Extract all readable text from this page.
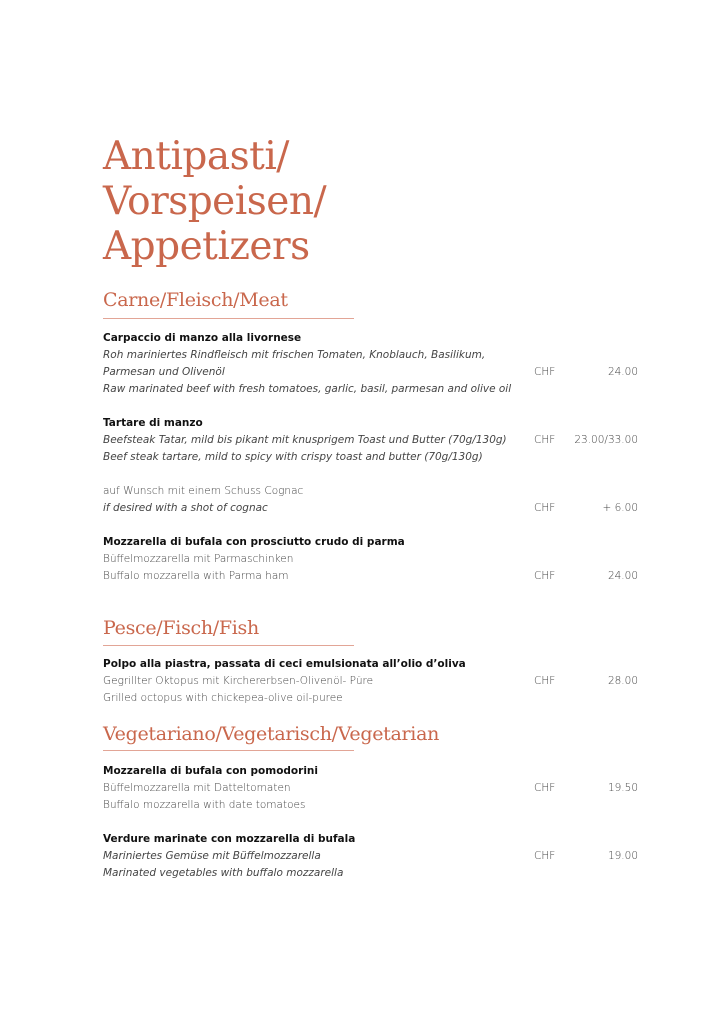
Antipasti/
Vorspeisen/
Appetizers
Carne/Fleisch/Meat
Carpaccio di manzo alla livornese
Roh mariniertes Rindfleisch mit frischen Tomaten, Knoblauch, Basilikum,
Parmesan und Olivenöl	CHF	24.00
Raw marinated beef with fresh tomatoes, garlic, basil, parmesan and olive oil
Tartare di manzo
Beefsteak Tatar, mild bis pikant mit knusprigem Toast und Butter (70g/130g)	CHF 23.00/33.00
Beef steak tartare, mild to spicy with crispy toast and butter (70g/130g)
auf Wunsch mit einem Schuss Cognac
if desired with a shot of cognac	CHF	+ 6.00
Mozzarella di bufala con prosciutto crudo di parma
Büffelmozzarella mit Parmaschinken
Buffalo mozzarella with Parma ham	CHF	24.00
Pesce/Fisch/Fish
Polpo alla piastra, passata di ceci emulsionata all’olio d’oliva
Gegrillter Oktopus mit Kirchererbsen-Olivenöl- Püre	CHF	28.00
Grilled octopus with chickepea-olive oil-puree
Vegetariano/Vegetarisch/Vegetarian
Mozzarella di bufala con pomodorini
Büffelmozzarella mit Datteltomaten	CHF	19.50
Buffalo mozzarella with date tomatoes
Verdure marinate con mozzarella di bufala
Mariniertes Gemüse mit Büffelmozzarella	CHF	19.00
Marinated vegetables with buffalo mozzarella
